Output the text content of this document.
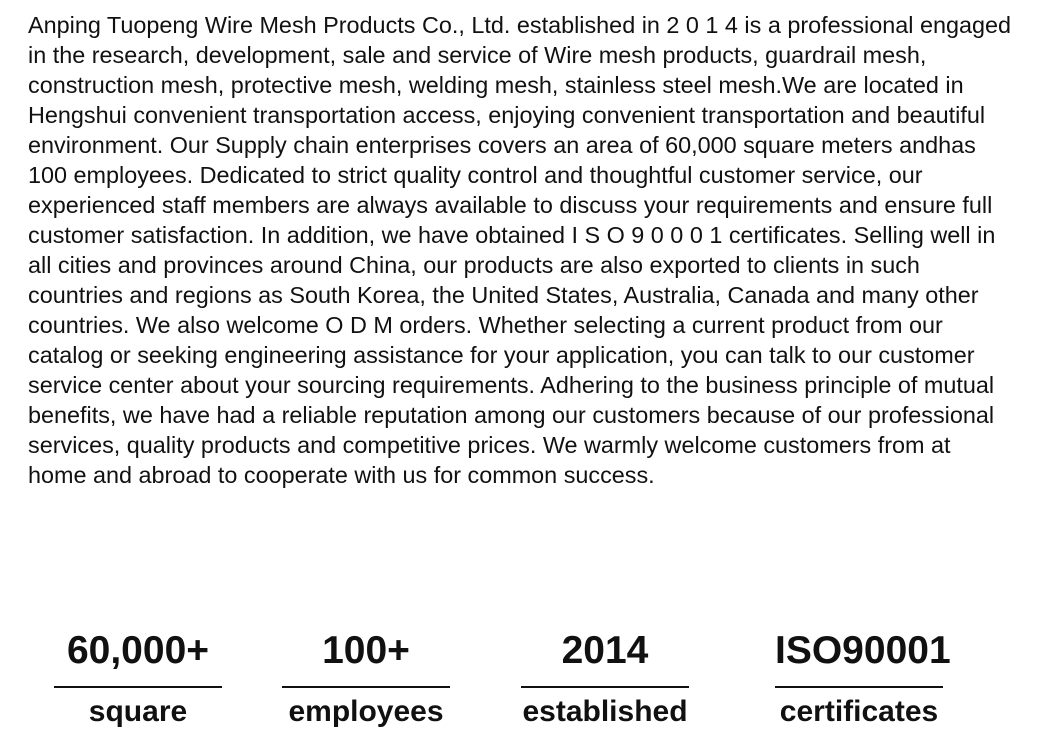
Anping Tuopeng Wire Mesh Products Co., Ltd. established in 2 0 1 4 is a professional engaged in the research, development, sale and service of Wire mesh products, guardrail mesh, construction mesh, protective mesh, welding mesh, stainless steel mesh.We are located in Hengshui convenient transportation access, enjoying convenient transportation and beautiful environment. Our Supply chain enterprises covers an area of 60,000 square meters andhas 100 employees. Dedicated to strict quality control and thoughtful customer service, our experienced staff members are always available to discuss your requirements and ensure full customer satisfaction. In addition, we have obtained I S O 9 0 0 0 1 certificates. Selling well in all cities and provinces around China, our products are also exported to clients in such countries and regions as South Korea, the United States, Australia, Canada and many other countries. We also welcome O D M orders. Whether selecting a current product from our catalog or seeking engineering assistance for your application, you can talk to our customer service center about your sourcing requirements. Adhering to the business principle of mutual benefits, we have had a reliable reputation among our customers because of our professional services, quality products and competitive prices. We warmly welcome customers from at home and abroad to cooperate with us for common success.

60,000+
square
100+
employees
2014
established
ISO90001
certificates
